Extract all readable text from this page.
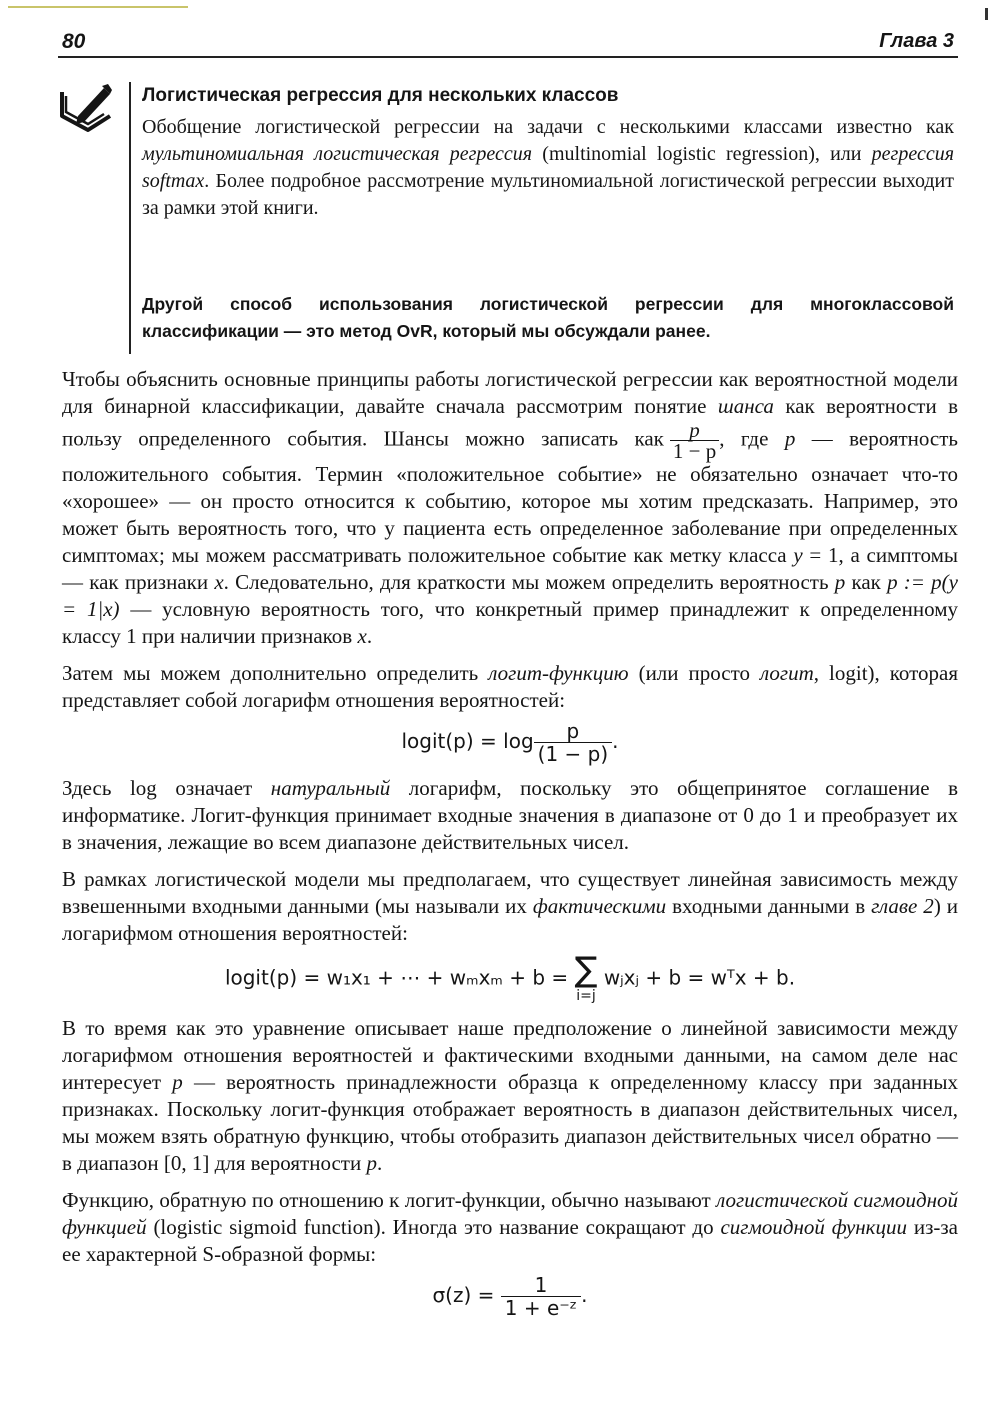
80	Глава 3
Логистическая регрессия для нескольких классов

Обобщение логистической регрессии на задачи с несколькими классами известно как мультиномиальная логистическая регрессия (multinomial logistic regression), или регрессия softmax. Более подробное рассмотрение мультиномиальной логистической регрессии выходит за рамки этой книги.

Другой способ использования логистической регрессии для многоклассовой классификации — это метод OvR, который мы обсуждали ранее.

Чтобы объяснить основные принципы работы логистической регрессии как вероятностной модели для бинарной классификации, давайте сначала рассмотрим понятие шанса как вероятности в пользу определенного события. Шансы можно записать как $\frac{p}{1 - p}$ , где p — вероятность положительного события. Термин «положительное событие» не обязательно означает что-то «хорошее» — он просто относится к событию, которое мы хотим предсказать. Например, это может быть вероятность того, что у пациента есть определенное заболевание при определенных симптомах; мы можем рассматривать положительное событие как метку класса y = 1, а симптомы — как признаки x. Следовательно, для краткости мы можем определить вероятность p как p := p(y = 1|x) — условную вероятность того, что конкретный пример принадлежит к определенному классу 1 при наличии признаков x.

Затем мы можем дополнительно определить логит-функцию (или просто логит, logit), которая представляет собой логарифм отношения вероятностей:

logit(p) = $\log \frac{p}{(1 - p)}$ .

Здесь log означает натуральный логарифм, поскольку это общепринятое соглашение в информатике. Логит-функция принимает входные значения в диапазоне от 0 до 1 и преобразует их в значения, лежащие во всем диапазоне действительных чисел.

В рамках логистической модели мы предполагаем, что существует линейная зависимость между взвешенными входными данными (мы называли их фактическими входными данными в главе 2) и логарифмом отношения вероятностей:

logit(p) = w₁x₁ + ⋯ + wₘxₘ + b = ∑
i=j
wⱼxⱼ + b = wᵀx + b.

В то время как это уравнение описывает наше предположение о линейной зависимости между логарифмом отношения вероятностей и фактическими входными данными, на самом деле нас интересует p — вероятность принадлежности образца к определенному классу при заданных признаках. Поскольку логит-функция отображает вероятность в диапазон действительных чисел, мы можем взять обратную функцию, чтобы отобразить диапазон действительных чисел обратно — в диапазон [0, 1] для вероятности p.

Функцию, обратную по отношению к логит-функции, обычно называют логистической сигмоидной функцией (logistic sigmoid function). Иногда это название сокращают до сигмоидной функции из-за ее характерной S-образной формы:

$\sigma(z) = \frac{1}{\text{1 + e⁻ᶻ}}$ .
